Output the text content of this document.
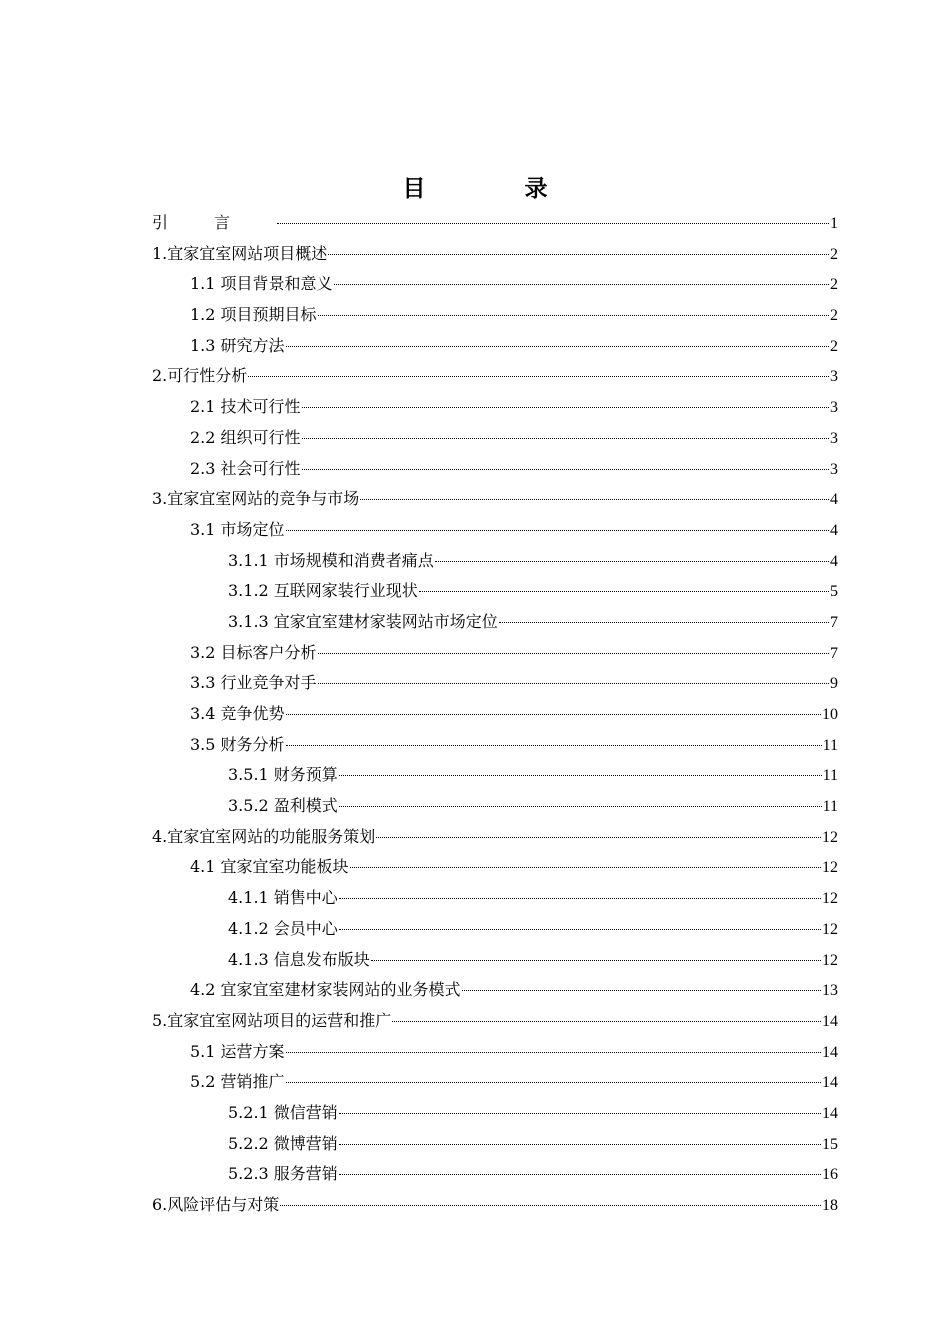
目　录
引言	1
1.宜家宜室网站项目概述	2
1.1 项目背景和意义	2
1.2 项目预期目标	2
1.3 研究方法	2
2.可行性分析	3
2.1 技术可行性	3
2.2 组织可行性	3
2.3 社会可行性	3
3.宜家宜室网站的竞争与市场	4
3.1 市场定位	4
3.1.1 市场规模和消费者痛点	4
3.1.2 互联网家装行业现状	5
3.1.3 宜家宜室建材家装网站市场定位	7
3.2 目标客户分析	7
3.3 行业竞争对手	9
3.4 竞争优势	10
3.5 财务分析	11
3.5.1 财务预算	11
3.5.2 盈利模式	11
4.宜家宜室网站的功能服务策划	12
4.1 宜家宜室功能板块	12
4.1.1 销售中心	12
4.1.2 会员中心	12
4.1.3 信息发布版块	12
4.2 宜家宜室建材家装网站的业务模式	13
5.宜家宜室网站项目的运营和推广	14
5.1 运营方案	14
5.2 营销推广	14
5.2.1 微信营销	14
5.2.2 微博营销	15
5.2.3 服务营销	16
6.风险评估与对策	18
